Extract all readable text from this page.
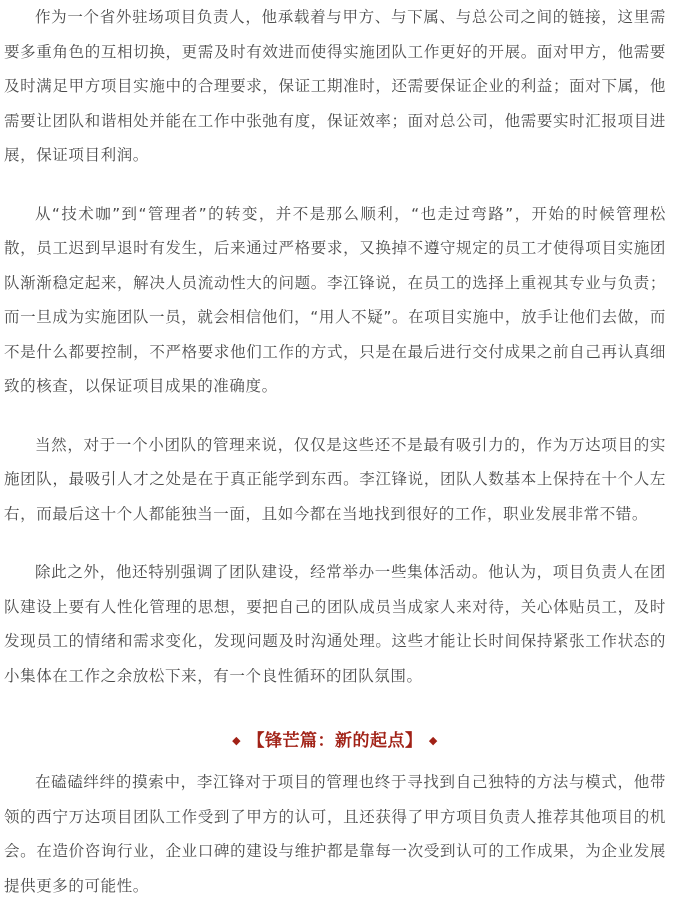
作为一个省外驻场项目负责人，他承载着与甲方、与下属、与总公司之间的链接，这里需要多重角色的互相切换，更需及时有效进而使得实施团队工作更好的开展。面对甲方，他需要及时满足甲方项目实施中的合理要求，保证工期准时，还需要保证企业的利益；面对下属，他需要让团队和谐相处并能在工作中张弛有度，保证效率；面对总公司，他需要实时汇报项目进展，保证项目利润。

从“技术咖”到“管理者”的转变，并不是那么顺利，“也走过弯路”，开始的时候管理松散，员工迟到早退时有发生，后来通过严格要求，又换掉不遵守规定的员工才使得项目实施团队渐渐稳定起来，解决人员流动性大的问题。李江锋说，在员工的选择上重视其专业与负责；而一旦成为实施团队一员，就会相信他们，“用人不疑”。在项目实施中，放手让他们去做，而不是什么都要控制，不严格要求他们工作的方式，只是在最后进行交付成果之前自己再认真细致的核查，以保证项目成果的准确度。

当然，对于一个小团队的管理来说，仅仅是这些还不是最有吸引力的，作为万达项目的实施团队，最吸引人才之处是在于真正能学到东西。李江锋说，团队人数基本上保持在十个人左右，而最后这十个人都能独当一面，且如今都在当地找到很好的工作，职业发展非常不错。

除此之外，他还特别强调了团队建设，经常举办一些集体活动。他认为，项目负责人在团队建设上要有人性化管理的思想，要把自己的团队成员当成家人来对待，关心体贴员工，及时发现员工的情绪和需求变化，发现问题及时沟通处理。这些才能让长时间保持紧张工作状态的小集体在工作之余放松下来，有一个良性循环的团队氛围。

◆ 【锋芒篇：新的起点】 ◆

在磕磕绊绊的摸索中，李江锋对于项目的管理也终于寻找到自己独特的方法与模式，他带领的西宁万达项目团队工作受到了甲方的认可，且还获得了甲方项目负责人推荐其他项目的机会。在造价咨询行业，企业口碑的建设与维护都是靠每一次受到认可的工作成果，为企业发展提供更多的可能性。
